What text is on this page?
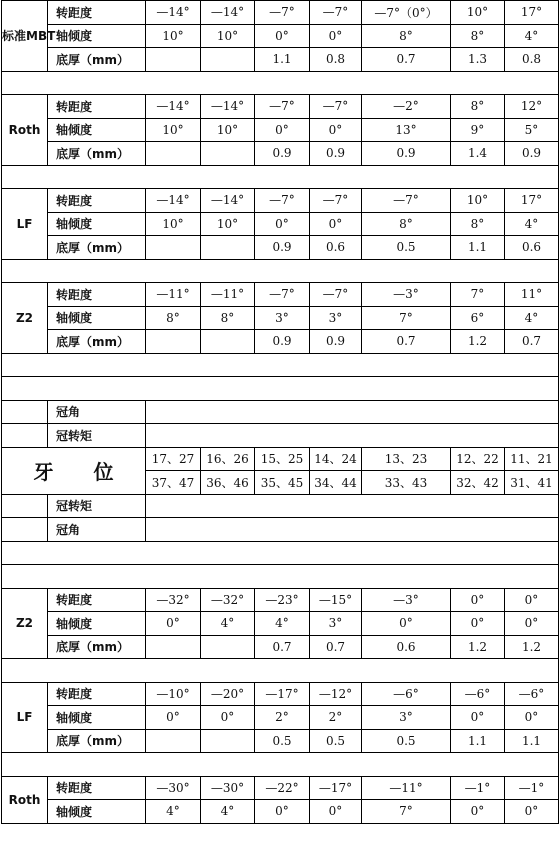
标准MBT	转距度	—14°	—14°	—7°	—7°	—7°（0°）	10°	17°
	轴倾度	10°	10°	0°	0°	8°	8°	4°
	底厚（mm）			1.1	0.8	0.7	1.3	0.8

Roth	转距度	—14°	—14°	—7°	—7°	—2°	8°	12°
	轴倾度	10°	10°	0°	0°	13°	9°	5°
	底厚（mm）			0.9	0.9	0.9	1.4	0.9

LF	转距度	—14°	—14°	—7°	—7°	—7°	10°	17°
	轴倾度	10°	10°	0°	0°	8°	8°	4°
	底厚（mm）			0.9	0.6	0.5	1.1	0.6

Z2	转距度	—11°	—11°	—7°	—7°	—3°	7°	11°
	轴倾度	8°	8°	3°	3°	7°	6°	4°
	底厚（mm）			0.9	0.9	0.7	1.2	0.7

	冠角							
	冠转矩							
牙 位		17、27	16、26	15、25	14、24	13、23	12、22	11、21
		37、47	36、46	35、45	34、44	33、43	32、42	31、41
	冠转矩							
	冠角							

Z2	转距度	—32°	—32°	—23°	—15°	—3°	0°	0°
	轴倾度	0°	4°	4°	3°	0°	0°	0°
	底厚（mm）			0.7	0.7	0.6	1.2	1.2

LF	转距度	—10°	—20°	—17°	—12°	—6°	—6°	—6°
	轴倾度	0°	0°	2°	2°	3°	0°	0°
	底厚（mm）			0.5	0.5	0.5	1.1	1.1

Roth	转距度	—30°	—30°	—22°	—17°	—11°	—1°	—1°
	轴倾度	4°	4°	0°	0°	7°	0°	0°
